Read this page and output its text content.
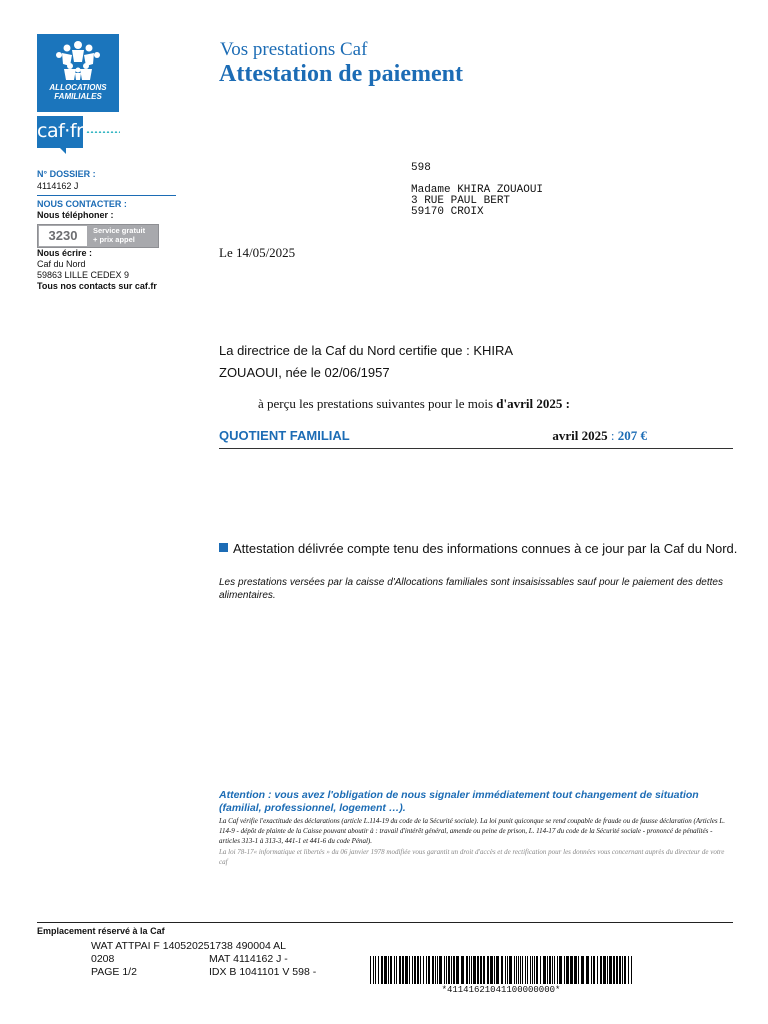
ALLOCATIONS
FAMILIALES
caf·fr
Vos prestations Caf
Attestation de paiement
N° DOSSIER :
4114162 J
NOUS CONTACTER :
Nous téléphoner :
3230	Service gratuit
+ prix appel
Nous écrire :
Caf du Nord
59863 LILLE CEDEX 9
Tous nos contacts sur caf.fr
598
Madame KHIRA ZOUAOUI
3 RUE PAUL BERT
59170 CROIX
Le 14/05/2025
La directrice de la Caf du Nord certifie que : KHIRA ZOUAOUI, née le 02/06/1957
à perçu les prestations suivantes pour le mois d'avril 2025 :
QUOTIENT FAMILIAL	avril 2025 : 207 €
Attestation délivrée compte tenu des informations connues à ce jour par la Caf du Nord.
Les prestations versées par la caisse d'Allocations familiales sont insaisissables sauf pour le paiement des dettes alimentaires.
Attention : vous avez l'obligation de nous signaler immédiatement tout changement de situation (familial, professionnel, logement …).
La Caf vérifie l'exactitude des déclarations (article L.114-19 du code de la Sécurité sociale). La loi punit quiconque se rend coupable de fraude ou de fausse déclaration (Articles L. 114-9 - dépôt de plainte de la Caisse pouvant aboutir à : travail d'intérêt général, amende ou peine de prison, L. 114-17 du code de la Sécurité sociale - prononcé de pénalités - articles 313-1 à 313-3, 441-1 et 441-6 du code Pénal).
La loi 78-17« informatique et libertés » du 06 janvier 1978 modifiée vous garantit un droit d'accès et de rectification pour les données vous concernant auprès du directeur de votre caf
Emplacement réservé à la Caf
WAT ATTPAI F 140520251738 490004 AL
0208
PAGE 1/2
MAT 4114162 J -
IDX B 1041101 V 598 -
*41141621041100000000*
